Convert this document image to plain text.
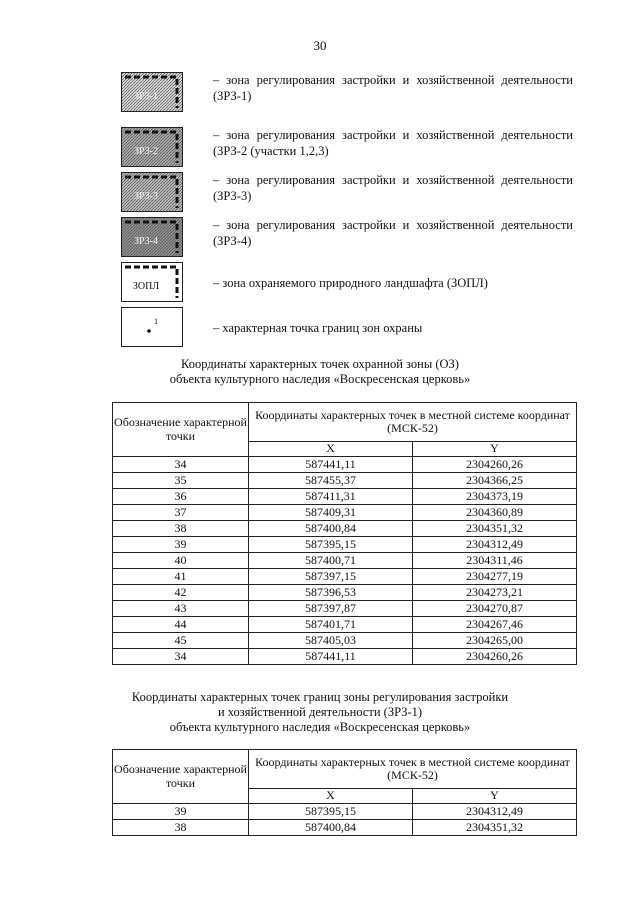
30
ЗРЗ-1
– зона регулирования застройки и хозяйственной деятельности (ЗРЗ-1)
ЗРЗ-2
– зона регулирования застройки и хозяйственной деятельности (ЗРЗ-2 (участки 1,2,3)
ЗРЗ-3
– зона регулирования застройки и хозяйственной деятельности (ЗРЗ-3)
ЗРЗ-4
– зона регулирования застройки и хозяйственной деятельности (ЗРЗ-4)
ЗОПЛ	– зона охраняемого природного ландшафта (ЗОПЛ)
1	– характерная точка границ зон охраны
Координаты характерных точек охранной зоны (ОЗ)
объекта культурного наследия «Воскресенская церковь»
Обозначение характерной точки	Координаты характерных точек в местной системе координат (МСК-52)	
	X	Y
34	587441,11	2304260,26
35	587455,37	2304366,25
36	587411,31	2304373,19
37	587409,31	2304360,89
38	587400,84	2304351,32
39	587395,15	2304312,49
40	587400,71	2304311,46
41	587397,15	2304277,19
42	587396,53	2304273,21
43	587397,87	2304270,87
44	587401,71	2304267,46
45	587405,03	2304265,00
34	587441,11	2304260,26
Координаты характерных точек границ зоны регулирования застройки
и хозяйственной деятельности (ЗРЗ-1)
объекта культурного наследия «Воскресенская церковь»
Обозначение характерной точки	Координаты характерных точек в местной системе координат (МСК-52)	
	X	Y
39	587395,15	2304312,49
38	587400,84	2304351,32
